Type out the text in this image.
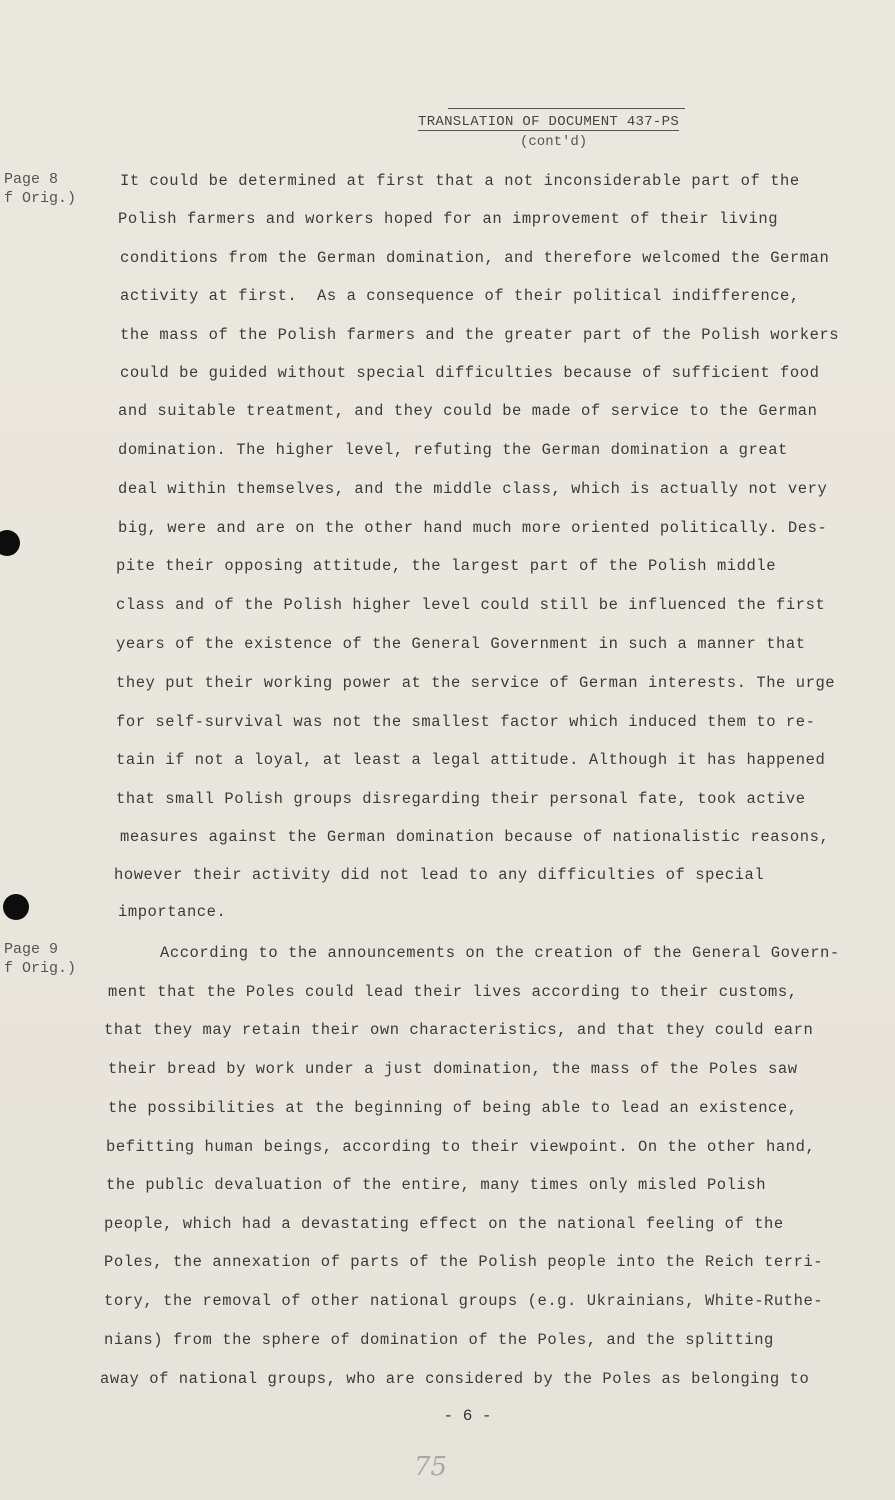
TRANSLATION OF DOCUMENT 437-PS
(cont'd)
Page 8
f Orig.)
Page 9
f Orig.)
It could be determined at first that a not inconsiderable part of the
Polish farmers and workers hoped for an improvement of their living
conditions from the German domination, and therefore welcomed the German
activity at first.  As a consequence of their political indifference,
the mass of the Polish farmers and the greater part of the Polish workers
could be guided without special difficulties because of sufficient food
and suitable treatment, and they could be made of service to the German
domination. The higher level, refuting the German domination a great
deal within themselves, and the middle class, which is actually not very
big, were and are on the other hand much more oriented politically. Des-
pite their opposing attitude, the largest part of the Polish middle
class and of the Polish higher level could still be influenced the first
years of the existence of the General Government in such a manner that
they put their working power at the service of German interests. The urge
for self-survival was not the smallest factor which induced them to re-
tain if not a loyal, at least a legal attitude. Although it has happened
that small Polish groups disregarding their personal fate, took active
measures against the German domination because of nationalistic reasons,
however their activity did not lead to any difficulties of special
importance.
According to the announcements on the creation of the General Govern-
ment that the Poles could lead their lives according to their customs,
that they may retain their own characteristics, and that they could earn
their bread by work under a just domination, the mass of the Poles saw
the possibilities at the beginning of being able to lead an existence,
befitting human beings, according to their viewpoint. On the other hand,
the public devaluation of the entire, many times only misled Polish
people, which had a devastating effect on the national feeling of the
Poles, the annexation of parts of the Polish people into the Reich terri-
tory, the removal of other national groups (e.g. Ukrainians, White-Ruthe-
nians) from the sphere of domination of the Poles, and the splitting
away of national groups, who are considered by the Poles as belonging to
- 6 -
75
